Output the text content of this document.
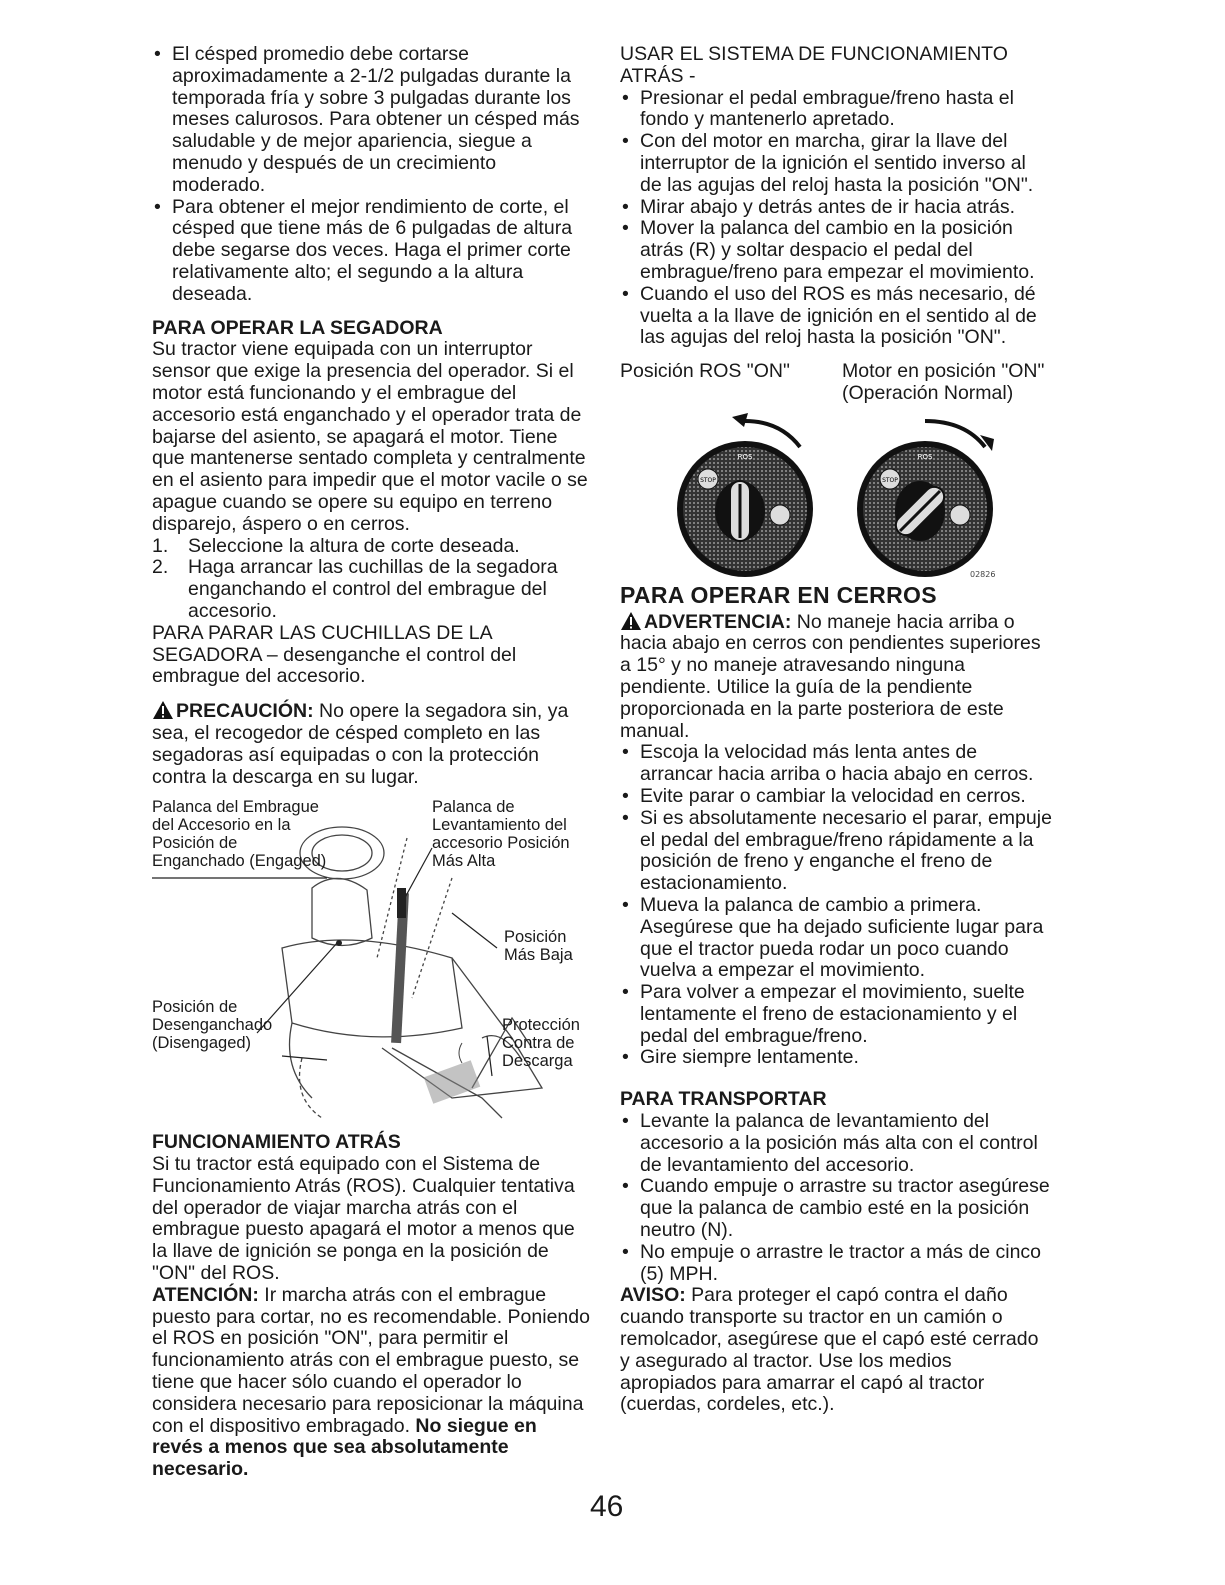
• El césped promedio debe cortarse aproximadamente a 2-1/2 pulgadas durante la temporada fría y sobre 3 pulgadas durante los meses calurosos. Para obtener un césped más saludable y de mejor apariencia, siegue a menudo y después de un crecimiento moderado.
• Para obtener el mejor rendimiento de corte, el césped que tiene más de 6 pulgadas de altura debe segarse dos veces. Haga el primer corte relativamente alto; el segundo a la altura deseada.
PARA OPERAR LA SEGADORA

Su tractor viene equipada con un interruptor sensor que exige la presencia del operador. Si el motor está funcionando y el embrague del accesorio está enganchado y el operador trata de bajarse del asiento, se apagará el motor. Tiene que mantenerse sentado completa y centralmente en el asiento para impedir que el motor vacile o se apague cuando se opere su equipo en terreno disparejo, áspero o en cerros.

1. Seleccione la altura de corte deseada.
2. Haga arrancar las cuchillas de la segadora enganchando el control del embrague del accesorio.

PARA PARAR LAS CUCHILLAS DE LA SEGADORA – desenganche el control del embrague del accesorio.

PRECAUCIÓN: No opere la segadora sin, ya sea, el recogedor de césped completo en las segadoras así equipadas o con la protección contra la descarga en su lugar.

Palanca del Embrague del Accesorio en la Posición de Enganchado (Engaged)
Palanca de Levantamiento del accesorio Posición Más Alta
Posición Más Baja
Posición de Desenganchado (Disengaged)
Protección Contra de Descarga
FUNCIONAMIENTO ATRÁS

Si tu tractor está equipado con el Sistema de Funcionamiento Atrás (ROS). Cualquier tentativa del operador de viajar marcha atrás con el embrague puesto apagará el motor a menos que la llave de ignición se ponga en la posición de "ON" del ROS.

ATENCIÓN: Ir marcha atrás con el embrague puesto para cortar, no es recomendable. Poniendo el ROS en posición "ON", para permitir el funcionamiento atrás con el embrague puesto, se tiene que hacer sólo cuando el operador lo considera necesario para reposicionar la máquina con el dispositivo embragado. No siegue en revés a menos que sea absolutamente necesario.

USAR EL SISTEMA DE FUNCIONAMIENTO ATRÁS -

• Presionar el pedal embrague/freno hasta el fondo y mantenerlo apretado.
• Con del motor en marcha, girar la llave del interruptor de la ignición el sentido inverso al de las agujas del reloj hasta la posición "ON".
• Mirar abajo y detrás antes de ir hacia atrás.
• Mover la palanca del cambio en la posición atrás (R) y soltar despacio el pedal del embrague/freno para empezar el movimiento.
• Cuando el uso del ROS es más necesario, dé vuelta a la llave de ignición en el sentido al de las agujas del reloj hasta la posición "ON".
Posición ROS "ON"	Motor en posición "ON"
(Operación Normal)
STOP
ROS
STOP
ROS
02826
PARA OPERAR EN CERROS

ADVERTENCIA: No maneje hacia arriba o hacia abajo en cerros con pendientes superiores a 15° y no maneje atravesando ninguna pendiente. Utilice la guía de la pendiente proporcionada en la parte posteriora de este manual.

• Escoja la velocidad más lenta antes de arrancar hacia arriba o hacia abajo en cerros.
• Evite parar o cambiar la velocidad en cerros.
• Si es absolutamente necesario el parar, empuje el pedal del embrague/freno rápidamente a la posición de freno y enganche el freno de estacionamiento.
• Mueva la palanca de cambio a primera. Asegúrese que ha dejado suficiente lugar para que el tractor pueda rodar un poco cuando vuelva a empezar el movimiento.
• Para volver a empezar el movimiento, suelte lentamente el freno de estacionamiento y el pedal del embrague/freno.
• Gire siempre lentamente.
PARA TRANSPORTAR
• Levante la palanca de levantamiento del accesorio a la posición más alta con el control de levantamiento del accesorio.
• Cuando empuje o arrastre su tractor asegúrese que la palanca de cambio esté en la posición neutro (N).
• No empuje o arrastre le tractor a más de cinco (5) MPH.

AVISO: Para proteger el capó contra el daño cuando transporte su tractor en un camión o remolcador, asegúrese que el capó esté cerrado y asegurado al tractor. Use los medios apropiados para amarrar el capó al tractor (cuerdas, cordeles, etc.).

46
